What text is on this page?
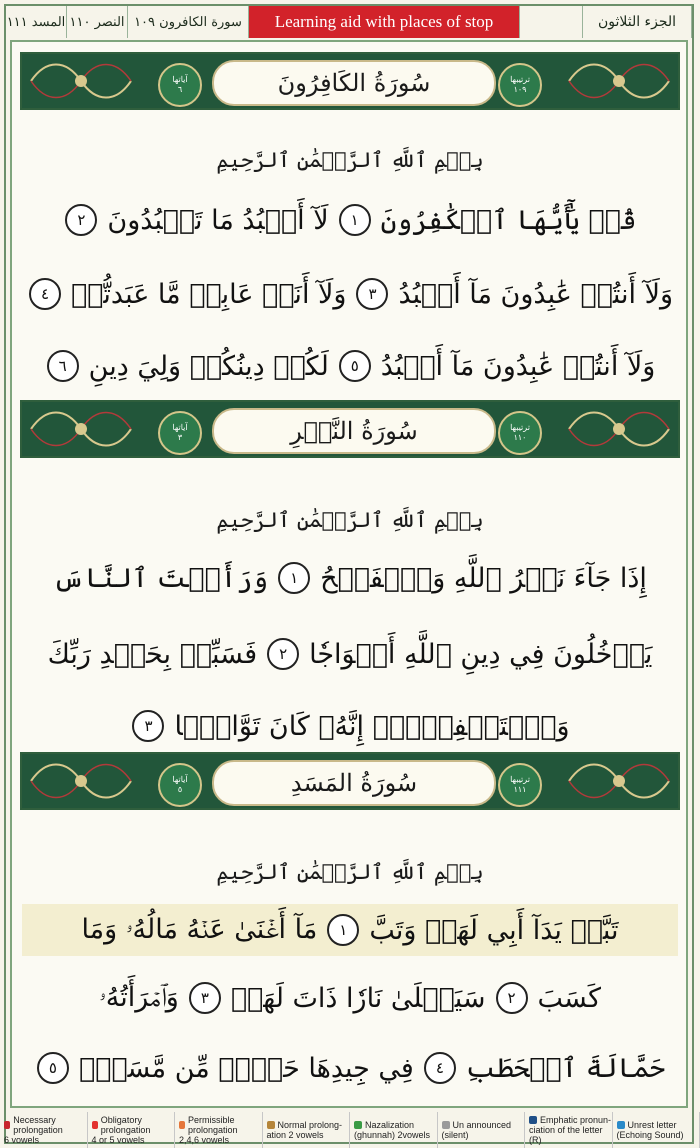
المسد ١١١ النصر ١١٠ سورة الكافرون ١٠٩	Learning aid with places of stop	الجزء الثلاثون
آياتها
٦	سُورَةُ الكَافِرُونَ	ترتيبها
١٠٩
آياتها
٣	سُورَةُ النَّصۡرِ	ترتيبها
١١٠
آياتها
٥	سُورَةُ المَسَدِ	ترتيبها
١١١
بِسۡمِ ٱللَّهِ ٱلرَّحۡمَٰنِ ٱلرَّحِيمِ
قُلۡ يَٰٓأَيُّهَا ٱلۡكَٰفِرُونَ
١
لَآ أَعۡبُدُ مَا تَعۡبُدُونَ
٢
وَلَآ أَنتُمۡ عَٰبِدُونَ مَآ أَعۡبُدُ
٣
وَلَآ أَنَا۠ عَابِدٞ مَّا عَبَدتُّمۡ
٤
وَلَآ أَنتُمۡ عَٰبِدُونَ مَآ أَعۡبُدُ
٥
لَكُمۡ دِينُكُمۡ وَلِيَ دِينِ
٦
بِسۡمِ ٱللَّهِ ٱلرَّحۡمَٰنِ ٱلرَّحِيمِ
إِذَا جَآءَ نَصۡرُ ٱللَّهِ وَٱلۡفَتۡحُ
١
وَرَأَيۡتَ ٱلنَّاسَ
يَدۡخُلُونَ فِي دِينِ ٱللَّهِ أَفۡوَاجٗا
٢
فَسَبِّحۡ بِحَمۡدِ رَبِّكَ
وَٱسۡتَغۡفِرۡهُۚ إِنَّهُۥ كَانَ تَوَّابَۢا
٣
بِسۡمِ ٱللَّهِ ٱلرَّحۡمَٰنِ ٱلرَّحِيمِ
تَبَّتۡ يَدَآ أَبِي لَهَبٖ وَتَبَّ
١
مَآ أَغۡنَىٰ عَنۡهُ مَالُهُۥ وَمَا
كَسَبَ
٢
سَيَصۡلَىٰ نَارٗا ذَاتَ لَهَبٖ
٣
وَٱمۡرَأَتُهُۥ
حَمَّالَةَ ٱلۡحَطَبِ
٤
فِي جِيدِهَا حَبۡلٞ مِّن مَّسَدِۭ
٥
Necessary prolongation
6 vowels
Obligatory prolongation
4 or 5 vowels
Permissible prolongation
2,4,6 vowels
Normal prolong-
ation 2 vowels
Nazalization
(ghunnah) 2vowels
Un announced
(silent)
Emphatic pronun-
ciation of the letter (R)
Unrest letter
(Echoing Sound)
